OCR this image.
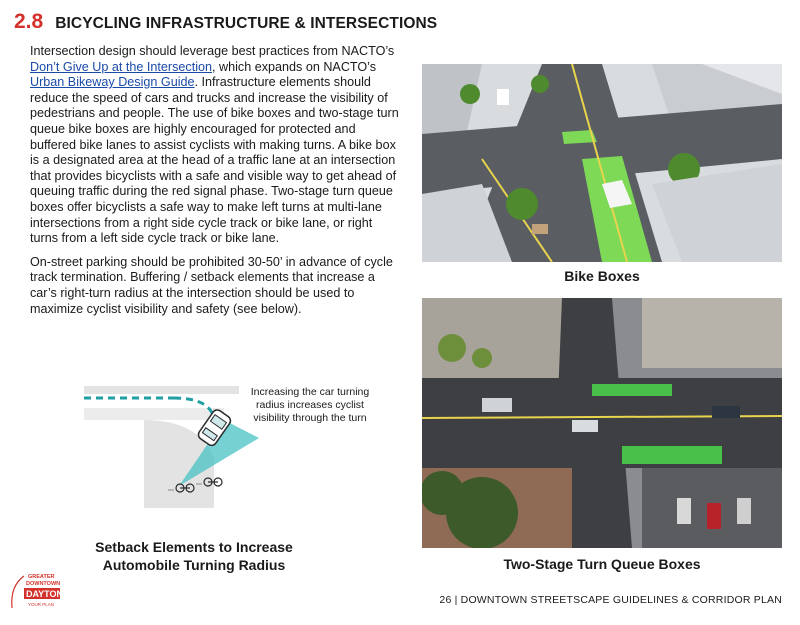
2.8 BICYCLING INFRASTRUCTURE & INTERSECTIONS

Intersection design should leverage best practices from NACTO’s Don’t Give Up at the Intersection, which expands on NACTO’s Urban Bikeway Design Guide. Infrastructure elements should reduce the speed of cars and trucks and increase the visibility of pedestrians and people. The use of bike boxes and two-stage turn queue bike boxes are highly encouraged for protected and buffered bike lanes to assist cyclists with making turns. A bike box is a designated area at the head of a traffic lane at an intersection that provides bicyclists with a safe and visible way to get ahead of queuing traffic during the red signal phase. Two-stage turn queue boxes offer bicyclists a safe way to make left turns at multi-lane intersections from a right side cycle track or bike lane, or right turns from a left side cycle track or bike lane.

On-street parking should be prohibited 30-50’ in advance of cycle track termination. Buffering / setback elements that increase a car’s right-turn radius at the intersection should be used to maximize cyclist visibility and safety (see below).

Bike Boxes
Two-Stage Turn Queue Boxes
Increasing the car turning radius increases cyclist visibility through the turn
Setback Elements to Increase
Automobile Turning Radius
GREATER
DOWNTOWN
DAYTON
YOUR PLAN	26 | DOWNTOWN STREETSCAPE GUIDELINES & CORRIDOR PLAN
